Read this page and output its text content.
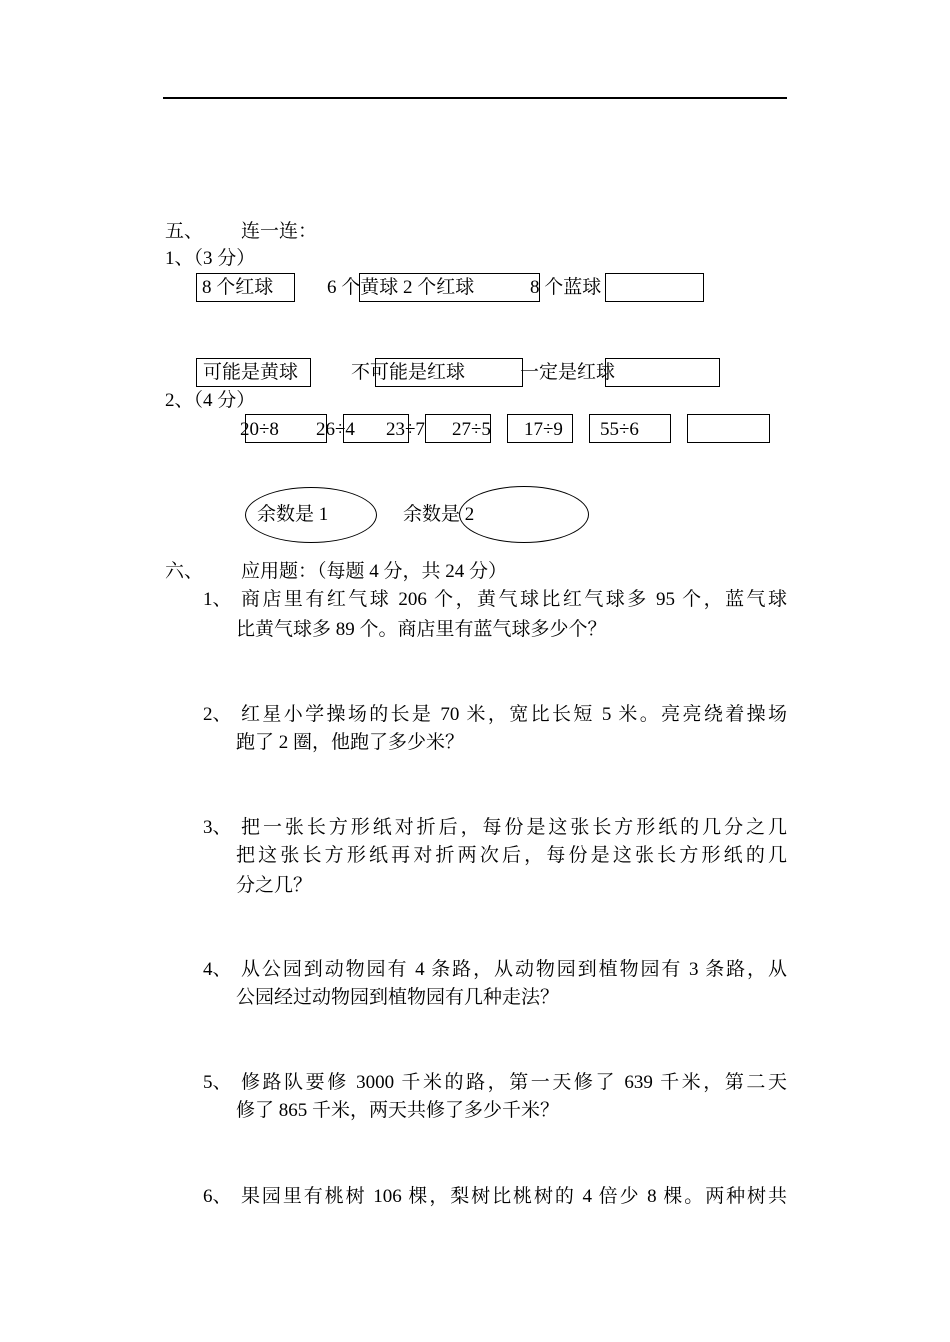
五、 连一连：
1、（3 分）
8 个红球	6 个黄球 2 个红球	8 个蓝球
可能是黄球	不可能是红球	一定是红球
2、（4 分）
20÷8 26÷4 23÷7 27÷5 17÷9 55÷6
余数是 1	余数是 2
六、 应用题：（每题 4 分，共 24 分）
1、 商店里有红气球 206 个，黄气球比红气球多 95 个，蓝气球
比黄气球多 89 个。商店里有蓝气球多少个？
2、 红星小学操场的长是 70 米，宽比长短 5 米。亮亮绕着操场
跑了 2 圈，他跑了多少米？
3、 把一张长方形纸对折后，每份是这张长方形纸的几分之几
把这张长方形纸再对折两次后，每份是这张长方形纸的几
分之几？
4、 从公园到动物园有 4 条路，从动物园到植物园有 3 条路，从
公园经过动物园到植物园有几种走法？
5、 修路队要修 3000 千米的路，第一天修了 639 千米，第二天
修了 865 千米，两天共修了多少千米？
6、 果园里有桃树 106 棵，梨树比桃树的 4 倍少 8 棵。两种树共
